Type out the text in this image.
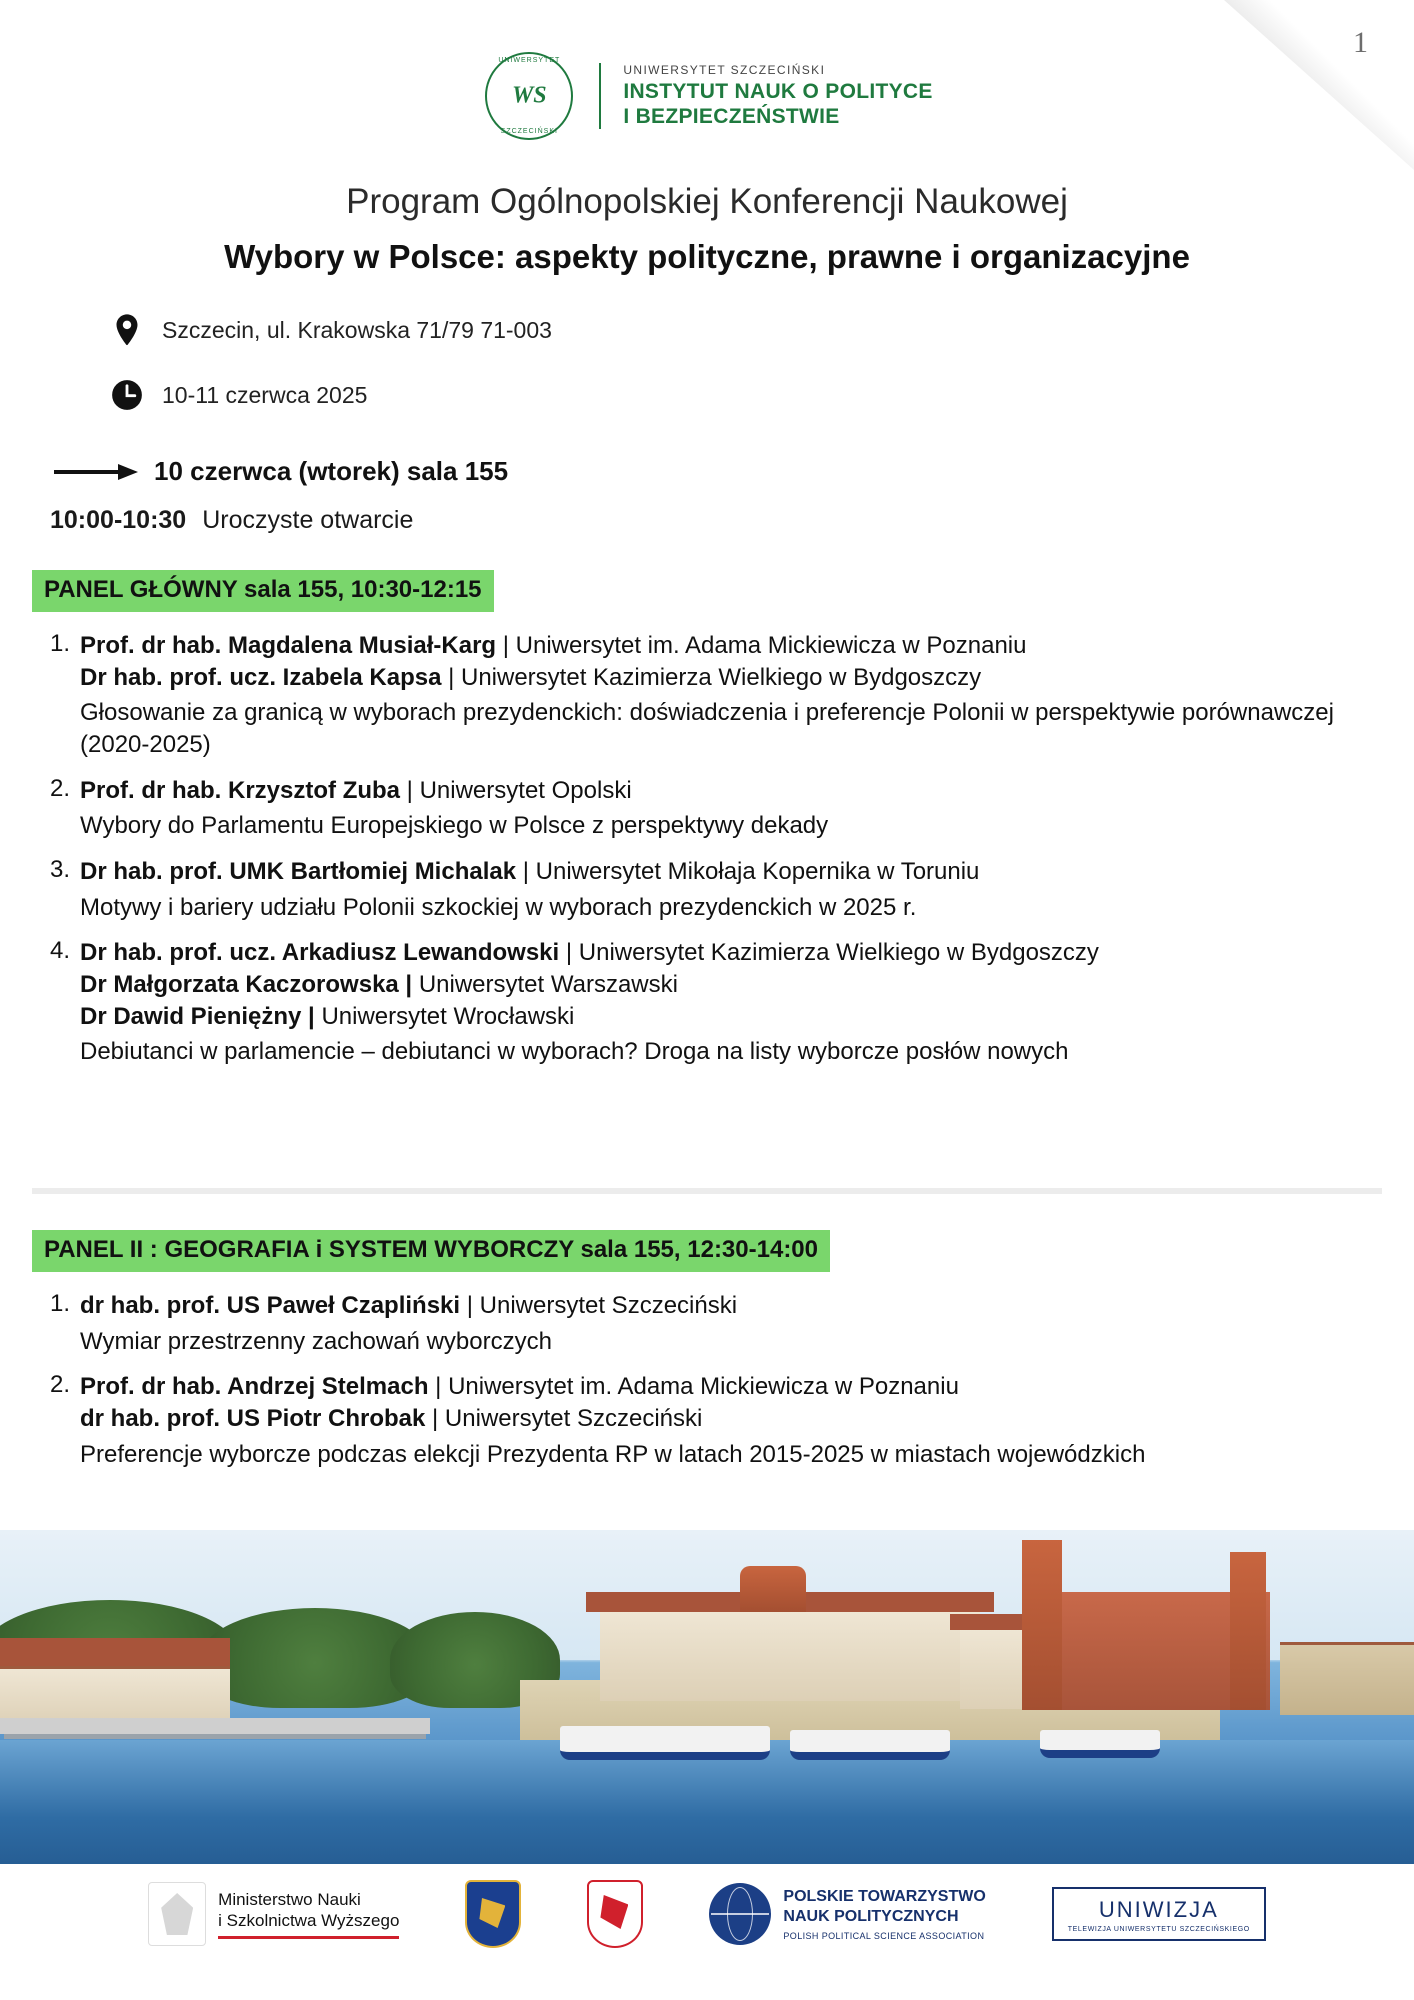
1
UNIWERSYTET
WS
SZCZECIŃSKI
UNIWERSYTET SZCZECIŃSKI
INSTYTUT NAUK O POLITYCE
I BEZPIECZEŃSTWIE
Program Ogólnopolskiej Konferencji Naukowej
Wybory w Polsce: aspekty polityczne, prawne i organizacyjne
Szczecin, ul. Krakowska 71/79 71-003
10-11 czerwca 2025
10 czerwca (wtorek) sala 155
10:00-10:30 Uroczyste otwarcie
PANEL GŁÓWNY sala 155, 10:30-12:15
1. Prof. dr hab. Magdalena Musiał-Karg | Uniwersytet im. Adama Mickiewicza w Poznaniu
Dr hab. prof. ucz. Izabela Kapsa | Uniwersytet Kazimierza Wielkiego w Bydgoszczy
Głosowanie za granicą w wyborach prezydenckich: doświadczenia i preferencje Polonii w perspektywie porównawczej (2020-2025)
2. Prof. dr hab. Krzysztof Zuba | Uniwersytet Opolski
Wybory do Parlamentu Europejskiego w Polsce z perspektywy dekady
3. Dr hab. prof. UMK Bartłomiej Michalak | Uniwersytet Mikołaja Kopernika w Toruniu
Motywy i bariery udziału Polonii szkockiej w wyborach prezydenckich w 2025 r.
4. Dr hab. prof. ucz. Arkadiusz Lewandowski | Uniwersytet Kazimierza Wielkiego w Bydgoszczy
Dr Małgorzata Kaczorowska | Uniwersytet Warszawski
Dr Dawid Pieniężny | Uniwersytet Wrocławski
Debiutanci w parlamencie – debiutanci w wyborach? Droga na listy wyborcze posłów nowych
PANEL II : GEOGRAFIA i SYSTEM WYBORCZY sala 155, 12:30-14:00
1. dr hab. prof. US Paweł Czapliński | Uniwersytet Szczeciński
Wymiar przestrzenny zachowań wyborczych
2. Prof. dr hab. Andrzej Stelmach | Uniwersytet im. Adama Mickiewicza w Poznaniu
dr hab. prof. US Piotr Chrobak | Uniwersytet Szczeciński
Preferencje wyborcze podczas elekcji Prezydenta RP w latach 2015-2025 w miastach wojewódzkich
Ministerstwo Nauki
i Szkolnictwa Wyższego
POLSKIE TOWARZYSTWO
NAUK POLITYCZNYCH
POLISH POLITICAL SCIENCE ASSOCIATION
UNIWIZJA
TELEWIZJA UNIWERSYTETU SZCZECIŃSKIEGO
